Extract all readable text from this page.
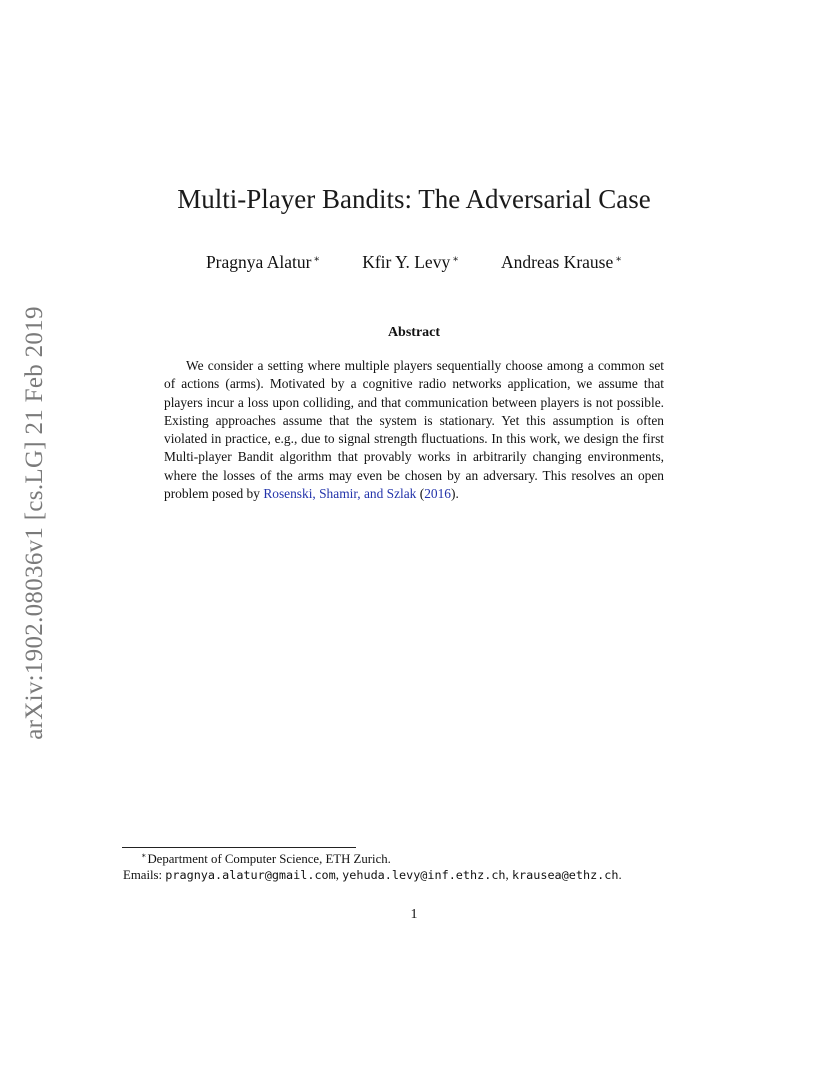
arXiv:1902.08036v1 [cs.LG] 21 Feb 2019
Multi-Player Bandits: The Adversarial Case
Pragnya Alatur ∗ Kfir Y. Levy ∗ Andreas Krause ∗
Abstract
We consider a setting where multiple players sequentially choose among a common set of actions (arms). Motivated by a cognitive radio networks application, we assume that players incur a loss upon colliding, and that communication between players is not possible. Existing approaches assume that the system is stationary. Yet this assumption is often violated in practice, e.g., due to signal strength fluctuations. In this work, we design the first Multi-player Bandit algorithm that provably works in arbitrarily changing environments, where the losses of the arms may even be chosen by an adversary. This resolves an open problem posed by Rosenski, Shamir, and Szlak (2016).
∗Department of Computer Science, ETH Zurich.
Emails: pragnya.alatur@gmail.com, yehuda.levy@inf.ethz.ch, krausea@ethz.ch.
1
